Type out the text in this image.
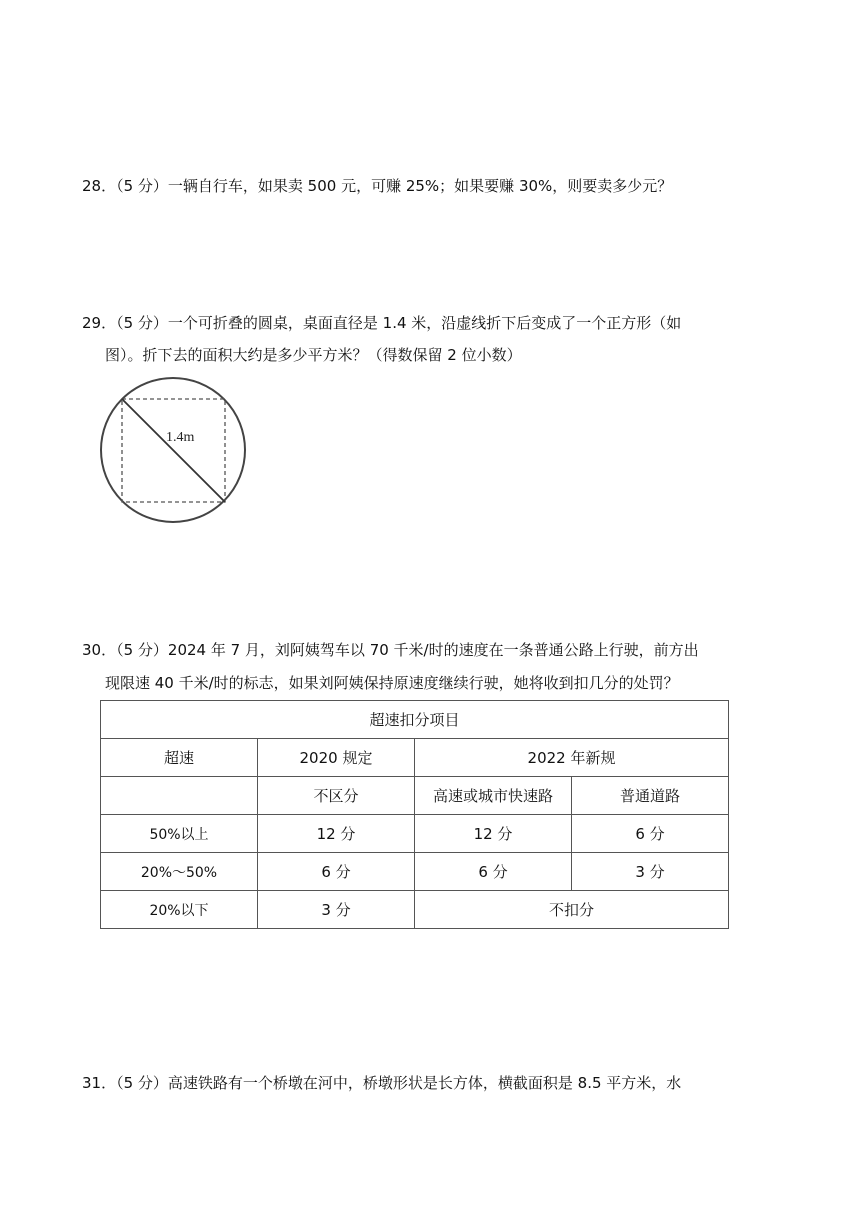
28．（5 分）一辆自行车，如果卖 500 元，可赚 25%；如果要赚 30%，则要卖多少元？
29．（5 分）一个可折叠的圆桌，桌面直径是 1.4 米，沿虚线折下后变成了一个正方形（如
图）。折下去的面积大约是多少平方米？（得数保留 2 位小数）
1.4m
30．（5 分）2024 年 7 月，刘阿姨驾车以 70 千米/时的速度在一条普通公路上行驶，前方出
现限速 40 千米/时的标志，如果刘阿姨保持原速度继续行驶，她将收到扣几分的处罚？
超速扣分项目			
超速	2020 规定	2022 年新规	
	不区分	高速或城市快速路	普通道路
50%以上	12 分	12 分	6 分
20%～50%	6 分	6 分	3 分
20%以下	3 分	不扣分	
31．（5 分）高速铁路有一个桥墩在河中，桥墩形状是长方体，横截面积是 8.5 平方米，水
